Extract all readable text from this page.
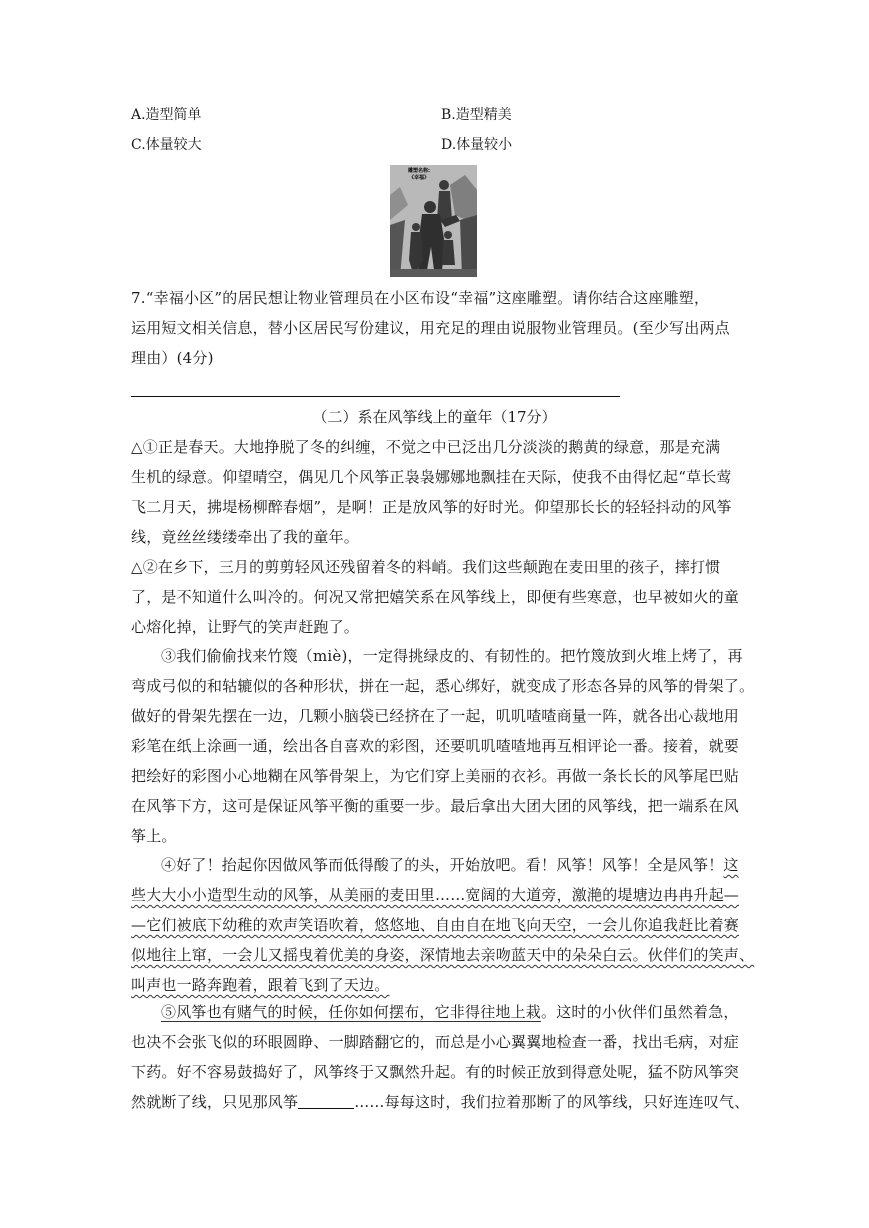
A.造型简单	B.造型精美
C.体量较大	D.体量较小
雕塑名称:
《幸福》
7.“幸福小区”的居民想让物业管理员在小区布设“幸福”这座雕塑。请你结合这座雕塑，
运用短文相关信息，替小区居民写份建议，用充足的理由说服物业管理员。(至少写出两点
理由）(4分)
（二）系在风筝线上的童年（17分）
△①正是春天。大地挣脱了冬的纠缠，不觉之中已泛出几分淡淡的鹅黄的绿意，那是充满
生机的绿意。仰望晴空，偶见几个风筝正袅袅娜娜地飘挂在天际，使我不由得忆起“草长莺
飞二月天，拂堤杨柳醉春烟”，是啊！正是放风筝的好时光。仰望那长长的轻轻抖动的风筝
线，竟丝丝缕缕牵出了我的童年。
△②在乡下，三月的剪剪轻风还残留着冬的料峭。我们这些颠跑在麦田里的孩子，摔打惯
了，是不知道什么叫冷的。何况又常把嬉笑系在风筝线上，即便有些寒意，也早被如火的童
心熔化掉，让野气的笑声赶跑了。
③我们偷偷找来竹篾（miè)，一定得挑绿皮的、有韧性的。把竹篾放到火堆上烤了，再
弯成弓似的和轱辘似的各种形状，拼在一起，悉心绑好，就变成了形态各异的风筝的骨架了。
做好的骨架先摆在一边，几颗小脑袋已经挤在了一起，叽叽喳喳商量一阵，就各出心裁地用
彩笔在纸上涂画一通，绘出各自喜欢的彩图，还要叽叽喳喳地再互相评论一番。接着，就要
把绘好的彩图小心地糊在风筝骨架上，为它们穿上美丽的衣衫。再做一条长长的风筝尾巴贴
在风筝下方，这可是保证风筝平衡的重要一步。最后拿出大团大团的风筝线，把一端系在风
筝上。
④好了！抬起你因做风筝而低得酸了的头，开始放吧。看！风筝！风筝！全是风筝！这
些大大小小造型生动的风筝，从美丽的麦田里……宽阔的大道旁，激滟的堤塘边冉冉升起—
—它们被底下幼稚的欢声笑语吹着，悠悠地、自由自在地飞向天空，一会儿你追我赶比着赛
似地往上窜，一会儿又摇曳着优美的身姿，深情地去亲吻蓝天中的朵朵白云。伙伴们的笑声、
叫声也一路奔跑着，跟着飞到了天边。
⑤风筝也有赌气的时候，任你如何摆布，它非得往地上栽。这时的小伙伴们虽然着急，
也决不会张飞似的环眼圆睁、一脚踏翻它的，而总是小心翼翼地检查一番，找出毛病，对症
下药。好不容易鼓捣好了，风筝终于又飘然升起。有的时候正放到得意处呢，猛不防风筝突
然就断了线，只见那风筝	……每每这时，我们拉着那断了的风筝线，只好连连叹气、
